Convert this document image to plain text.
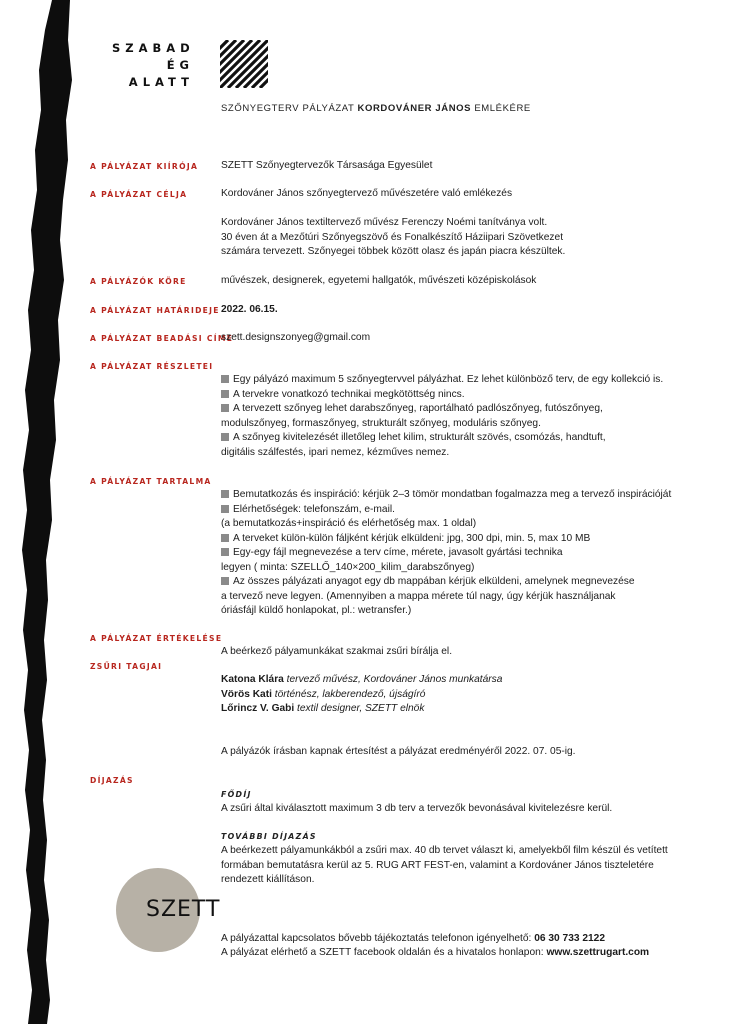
SZABAD
ÉG
ALATT
SZŐNYEGTERV PÁLYÁZAT KORDOVÁNER JÁNOS EMLÉKÉRE
A PÁLYÁZAT KIÍRÓJA
A PÁLYÁZAT CÉLJA
A PÁLYÁZÓK KÖRE
A PÁLYÁZAT HATÁRIDEJE
A PÁLYÁZAT BEADÁSI CÍME
A PÁLYÁZAT RÉSZLETEI
A PÁLYÁZAT TARTALMA
A PÁLYÁZAT ÉRTÉKELÉSE
ZSŰRI TAGJAI
DÍJAZÁS
SZETT Szőnyegtervezők Társasága Egyesület
Kordováner János szőnyegtervező művészetére való emlékezés
Kordováner János textiltervező művész Ferenczy Noémi tanítványa volt.
30 éven át a Mezőtúri Szőnyegszövő és Fonalkészítő Háziipari Szövetkezet
számára tervezett. Szőnyegei többek között olasz és japán piacra készültek.
művészek, designerek, egyetemi hallgatók, művészeti középiskolások
2022. 06.15.
szett.designszonyeg@gmail.com
Egy pályázó maximum 5 szőnyegtervvel pályázhat. Ez lehet különböző terv, de egy kollekció is.
A tervekre vonatkozó technikai megkötöttség nincs.
A tervezett szőnyeg lehet darabszőnyeg, raportálható padlószőnyeg, futószőnyeg,
modulszőnyeg, formaszőnyeg, strukturált szőnyeg, moduláris szőnyeg.
A szőnyeg kivitelezését illetőleg lehet kilim, strukturált szövés, csomózás, handtuft,
digitális szálfestés, ipari nemez, kézműves nemez.
Bemutatkozás és inspiráció: kérjük 2–3 tömör mondatban fogalmazza meg a tervező inspirációját
Elérhetőségek: telefonszám, e-mail.
(a bemutatkozás+inspiráció és elérhetőség max. 1 oldal)
A terveket külön-külön fáljként kérjük elküldeni: jpg, 300 dpi, min. 5, max 10 MB
Egy-egy fájl megnevezése a terv címe, mérete, javasolt gyártási technika
legyen ( minta: SZELLŐ_140×200_kilim_darabszőnyeg)
Az összes pályázati anyagot egy db mappában kérjük elküldeni, amelynek megnevezése
a tervező neve legyen. (Amennyiben a mappa mérete túl nagy, úgy kérjük használjanak
óriásfájl küldő honlapokat, pl.: wetransfer.)
A beérkező pályamunkákat szakmai zsűri bírálja el.
Katona Klára tervező művész, Kordováner János munkatársa
Vörös Kati történész, lakberendező, újságíró
Lőrincz V. Gabi textil designer, SZETT elnök
A pályázók írásban kapnak értesítést a pályázat eredményéről 2022. 07. 05-ig.
FŐDÍJ
A zsűri által kiválasztott maximum 3 db terv a tervezők bevonásával kivitelezésre kerül.
TOVÁBBI DÍJAZÁS
A beérkezett pályamunkákból a zsűri max. 40 db tervet választ ki, amelyekből film készül és vetített
formában bemutatásra kerül az 5. RUG ART FEST-en, valamint a Kordováner János tiszteletére
rendezett kiállításon.
SZETT
A pályázattal kapcsolatos bővebb tájékoztatás telefonon igényelhető: 06 30 733 2122
A pályázat elérhető a SZETT facebook oldalán és a hivatalos honlapon: www.szettrugart.com
